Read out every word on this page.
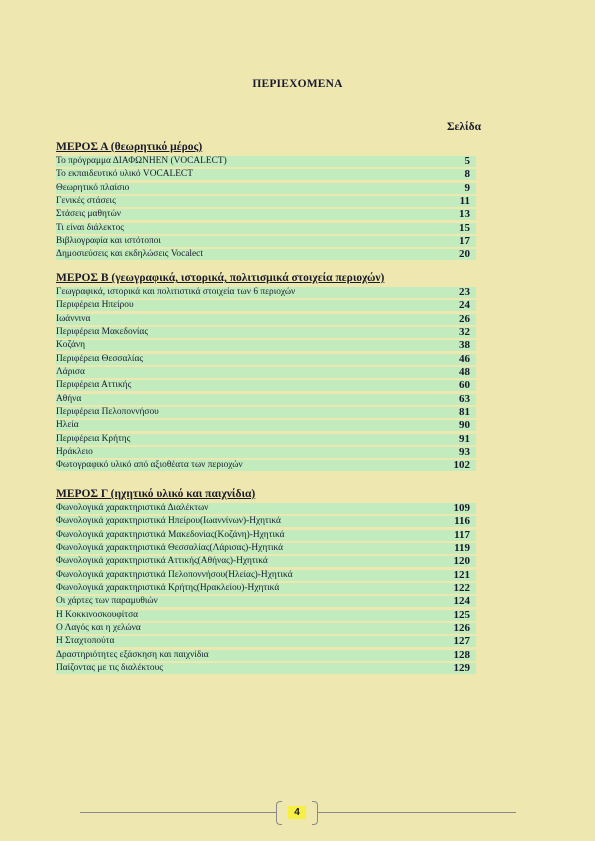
ΠΕΡΙΕΧΟΜΕΝΑ
Σελίδα
ΜΕΡΟΣ Α (θεωρητικό μέρος)
Το πρόγραμμα ΔΙΑΦΩΝΗΕΝ (VOCALECT)	5
Το εκπαιδευτικό υλικό VOCALECT	8
Θεωρητικό πλαίσιο	9
Γενικές στάσεις	11
Στάσεις μαθητών	13
Τι είναι διάλεκτος	15
Βιβλιογραφία και ιστότοποι	17
Δημοσιεύσεις και εκδηλώσεις Vocalect	20
ΜΕΡΟΣ Β (γεωγραφικά, ιστορικά, πολιτισμικά στοιχεία περιοχών)
Γεωγραφικά, ιστορικά και πολιτιστικά στοιχεία των 6 περιοχών	23
Περιφέρεια Ηπείρου	24
Ιωάννινα	26
Περιφέρεια Μακεδονίας	32
Κοζάνη	38
Περιφέρεια Θεσσαλίας	46
Λάρισα	48
Περιφέρεια Αττικής	60
Αθήνα	63
Περιφέρεια Πελοποννήσου	81
Ηλεία	90
Περιφέρεια Κρήτης	91
Ηράκλειο	93
Φωτογραφικό υλικό από αξιοθέατα των περιοχών	102
ΜΕΡΟΣ Γ (ηχητικό υλικό και παιχνίδια)
Φωνολογικά χαρακτηριστικά Διαλέκτων	109
Φωνολογικά χαρακτηριστικά Ηπείρου(Ιωαννίνων)-Ηχητικά	116
Φωνολογικά χαρακτηριστικά Μακεδονίας(Κοζάνη)-Ηχητικά	117
Φωνολογικά χαρακτηριστικά Θεσσαλίας(Λάρισας)-Ηχητικά	119
Φωνολογικά χαρακτηριστικά Αττικής(Αθήνας)-Ηχητικά	120
Φωνολογικά χαρακτηριστικά Πελοποννήσου(Ηλείας)-Ηχητικά	121
Φωνολογικά χαρακτηριστικά Κρήτης(Ηρακλείου)-Ηχητικά	122
Οι χάρτες των παραμυθιών	124
Η Κοκκινοσκουφίτσα	125
Ο Λαγός και η χελώνα	126
Η Σταχτοπούτα	127
Δραστηριότητες εξάσκηση και παιχνίδια	128
Παίζοντας με τις διαλέκτους	129
4
